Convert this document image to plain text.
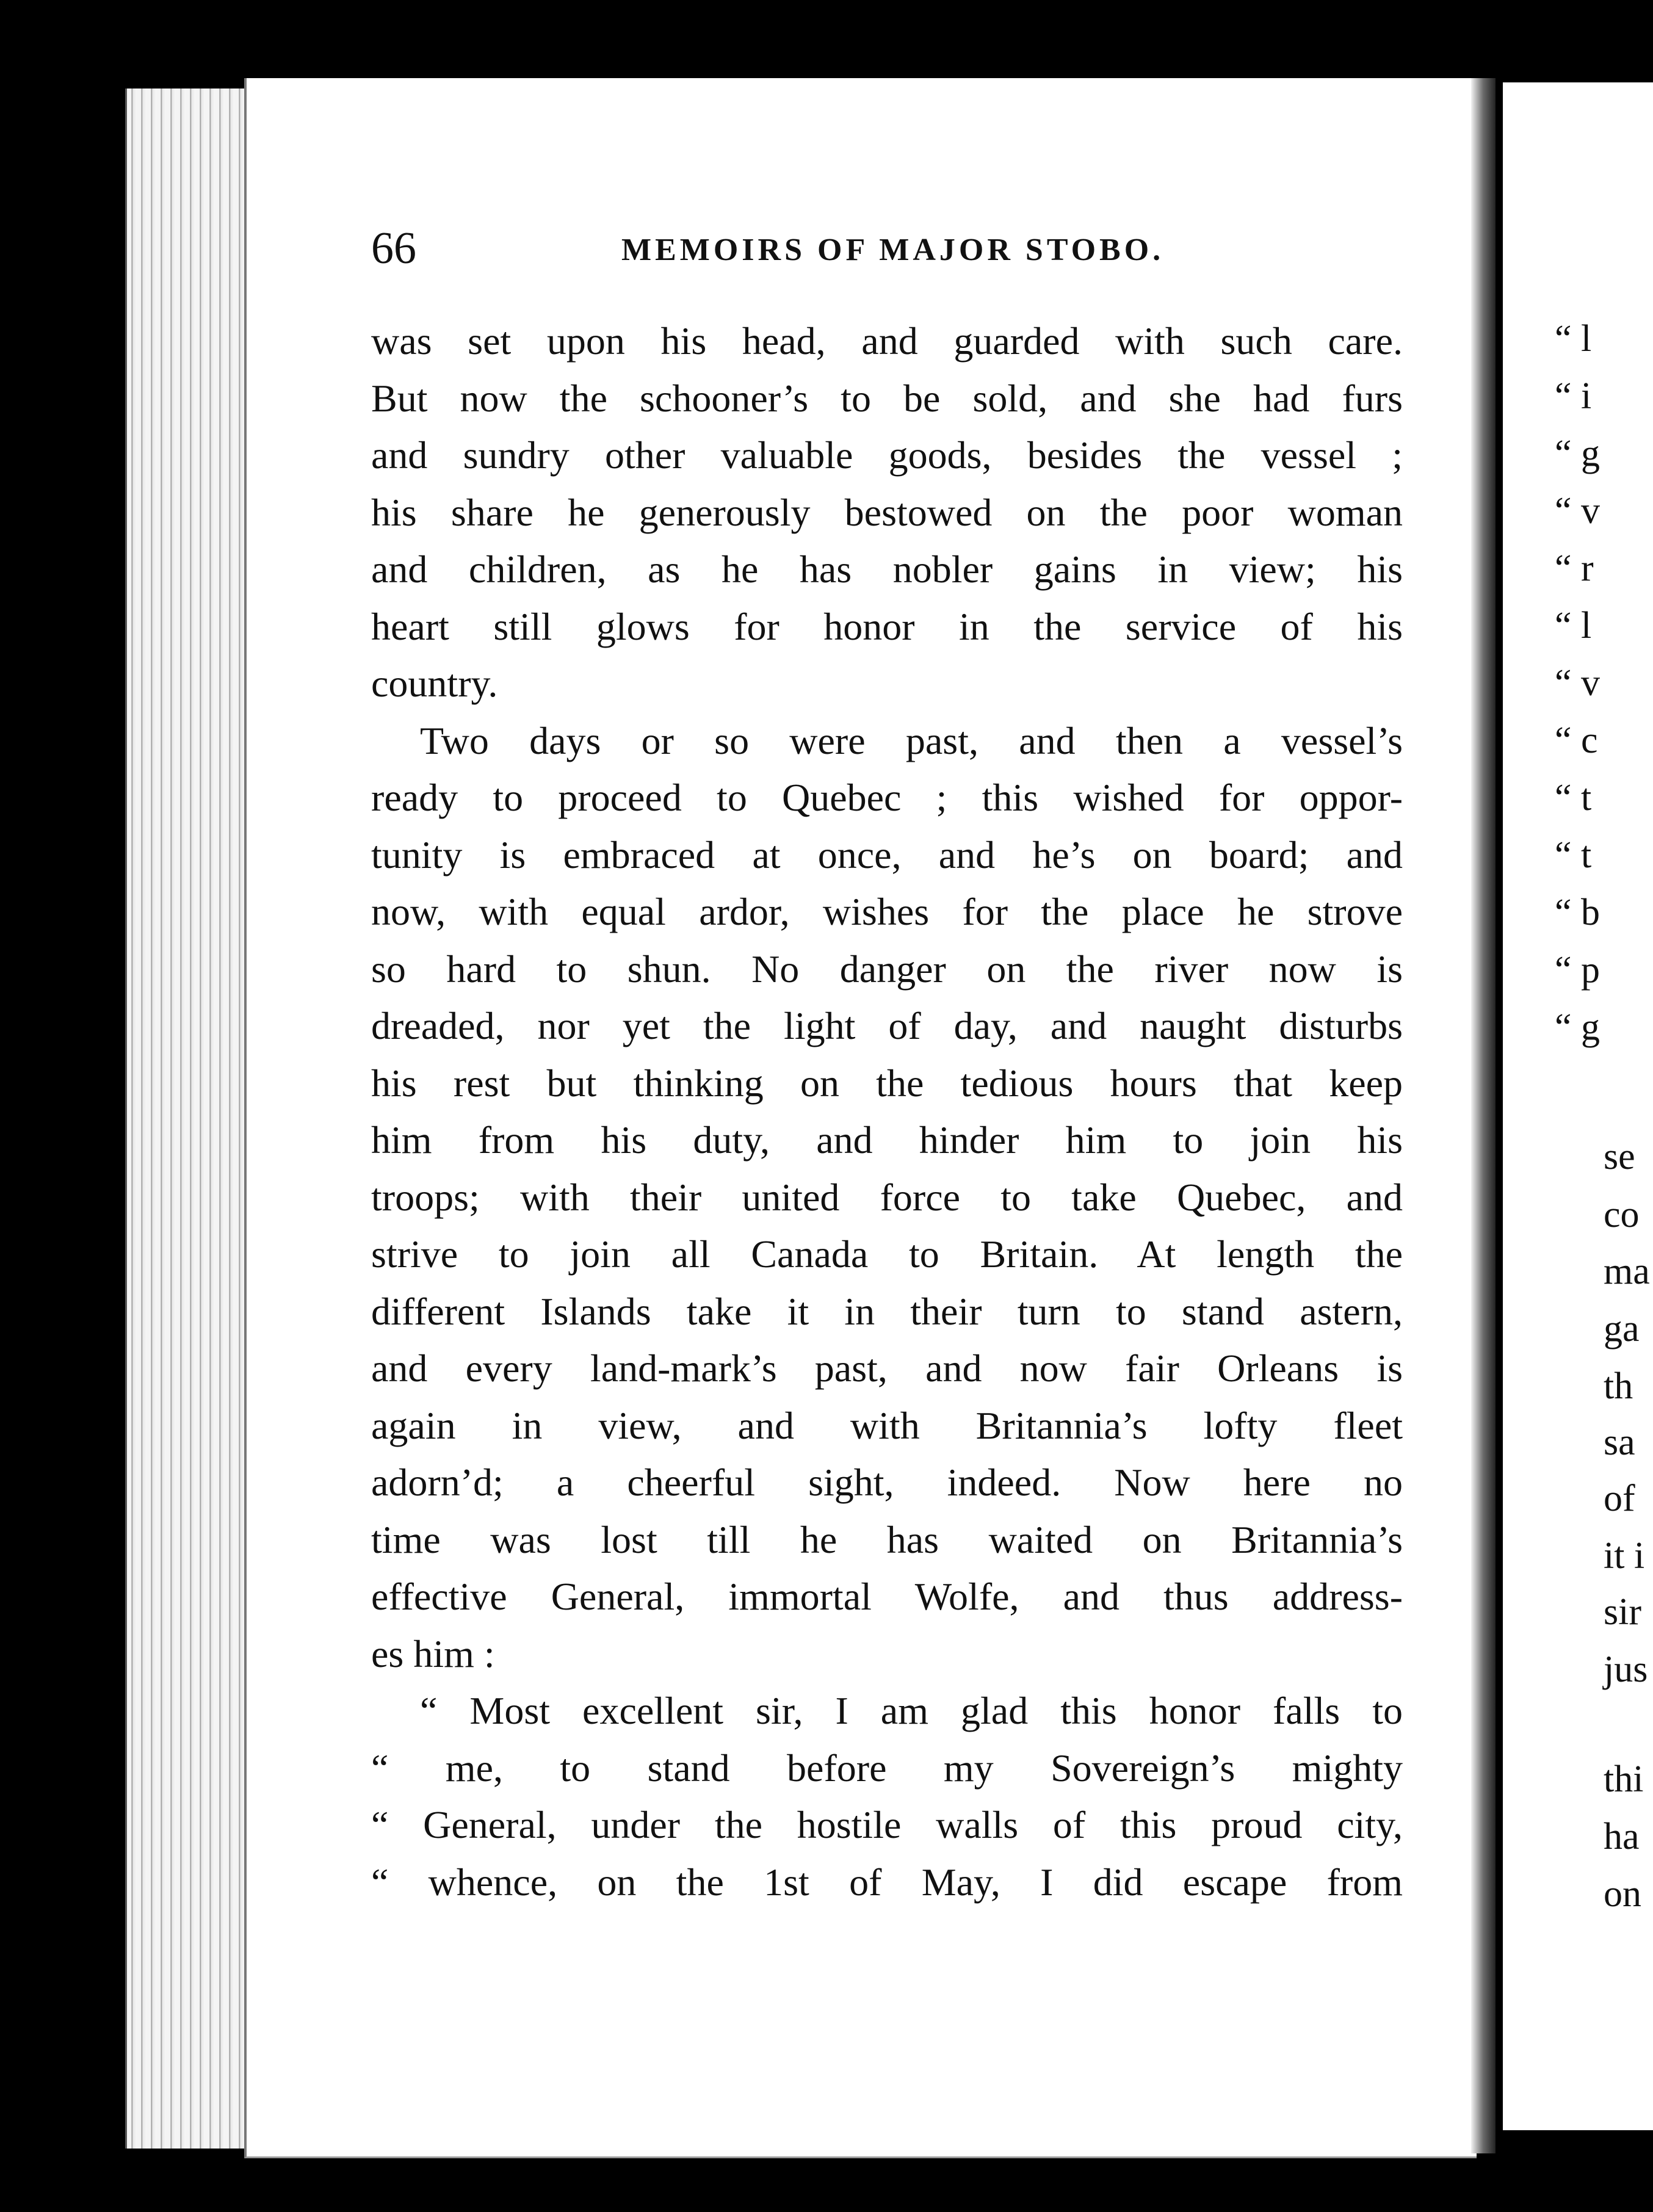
“ l
“ i
“ g
“ v
“ r
“ l
“ v
“ c
“ t
“ t
“ b
“ p
“ g
se
co
ma
ga
th
sa
of
it i
sir
jus
thi
ha
on
66	MEMOIRS OF MAJOR STOBO.
was set upon his head, and guarded with such care.
But now the schooner’s to be sold, and she had furs
and sundry other valuable goods, besides the vessel ;
his share he generously bestowed on the poor woman
and children, as he has nobler gains in view; his
heart still glows for honor in the service of his
country.
Two days or so were past, and then a vessel’s
ready to proceed to Quebec ; this wished for oppor-
tunity is embraced at once, and he’s on board; and
now, with equal ardor, wishes for the place he strove
so hard to shun. No danger on the river now is
dreaded, nor yet the light of day, and naught disturbs
his rest but thinking on the tedious hours that keep
him from his duty, and hinder him to join his
troops; with their united force to take Quebec, and
strive to join all Canada to Britain. At length the
different Islands take it in their turn to stand astern,
and every land-mark’s past, and now fair Orleans is
again in view, and with Britannia’s lofty fleet
adorn’d; a cheerful sight, indeed. Now here no
time was lost till he has waited on Britannia’s
effective General, immortal Wolfe, and thus address-
es him :
“ Most excellent sir, I am glad this honor falls to
“ me, to stand before my Sovereign’s mighty
“ General, under the hostile walls of this proud city,
“ whence, on the 1st of May, I did escape from
